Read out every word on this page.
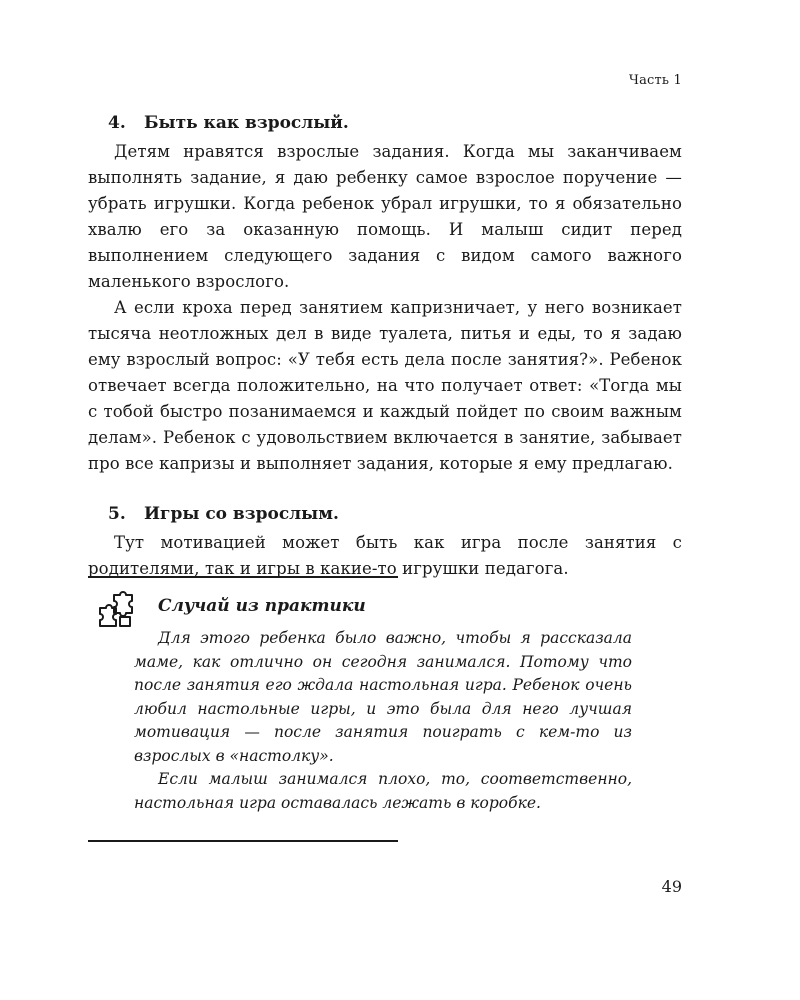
Часть 1
4.	Быть как взрослый.

Детям нравятся взрослые задания. Когда мы заканчиваем выполнять задание, я даю ребенку самое взрослое поручение — убрать игрушки. Когда ребенок убрал игрушки, то я обязательно хвалю его за оказанную помощь. И малыш сидит перед выполнением следующего задания с видом самого важного маленького взрослого.

А если кроха перед занятием капризничает, у него возникает тысяча неотложных дел в виде туалета, питья и еды, то я задаю ему взрослый вопрос: «У тебя есть дела после занятия?». Ребенок отвечает всегда положительно, на что получает ответ: «Тогда мы с тобой быстро позанимаемся и каждый пойдет по своим важным делам». Ребенок с удовольствием включается в занятие, забывает про все капризы и выполняет задания, которые я ему предлагаю.

5.	Игры со взрослым.

Тут мотивацией может быть как игра после занятия с родителями, так и игры в какие-то игрушки педагога.

Случай из практики

Для этого ребенка было важно, чтобы я рассказала маме, как отлично он сегодня занимался. Потому что после занятия его ждала настольная игра. Ребенок очень любил настольные игры, и это была для него лучшая мотивация — после занятия поиграть с кем-то из взрослых в «настолку».

Если малыш занимался плохо, то, соответственно, настольная игра оставалась лежать в коробке.

49
